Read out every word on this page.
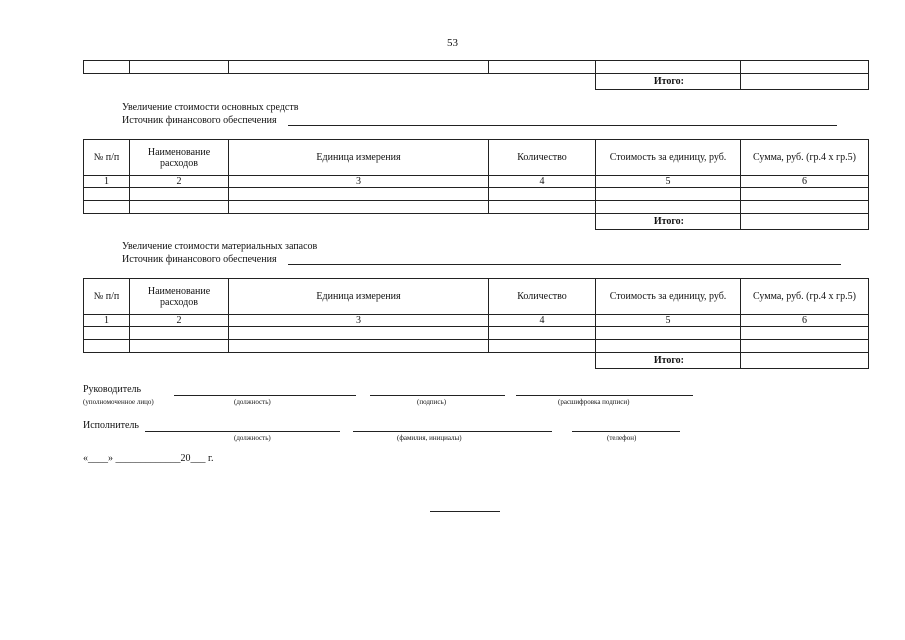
53

Итого:	
Увеличение стоимости основных средств
Источник финансового обеспечения
№ п/п	Наименование расходов	Единица измерения	Количество	Стоимость за единицу, руб.	Сумма, руб. (гр.4 x гр.5)
1	2	3	4	5	6

Итого:	
Увеличение стоимости материальных запасов
Источник финансового обеспечения
№ п/п	Наименование расходов	Единица измерения	Количество	Стоимость за единицу, руб.	Сумма, руб. (гр.4 x гр.5)
1	2	3	4	5	6

Итого:	
Руководитель
(уполномоченное лицо)	(должность)	(подпись)	(расшифровка подписи)
Исполнитель
(должность)	(фамилия, инициалы)	(телефон)
«____» _____________20___ г.
